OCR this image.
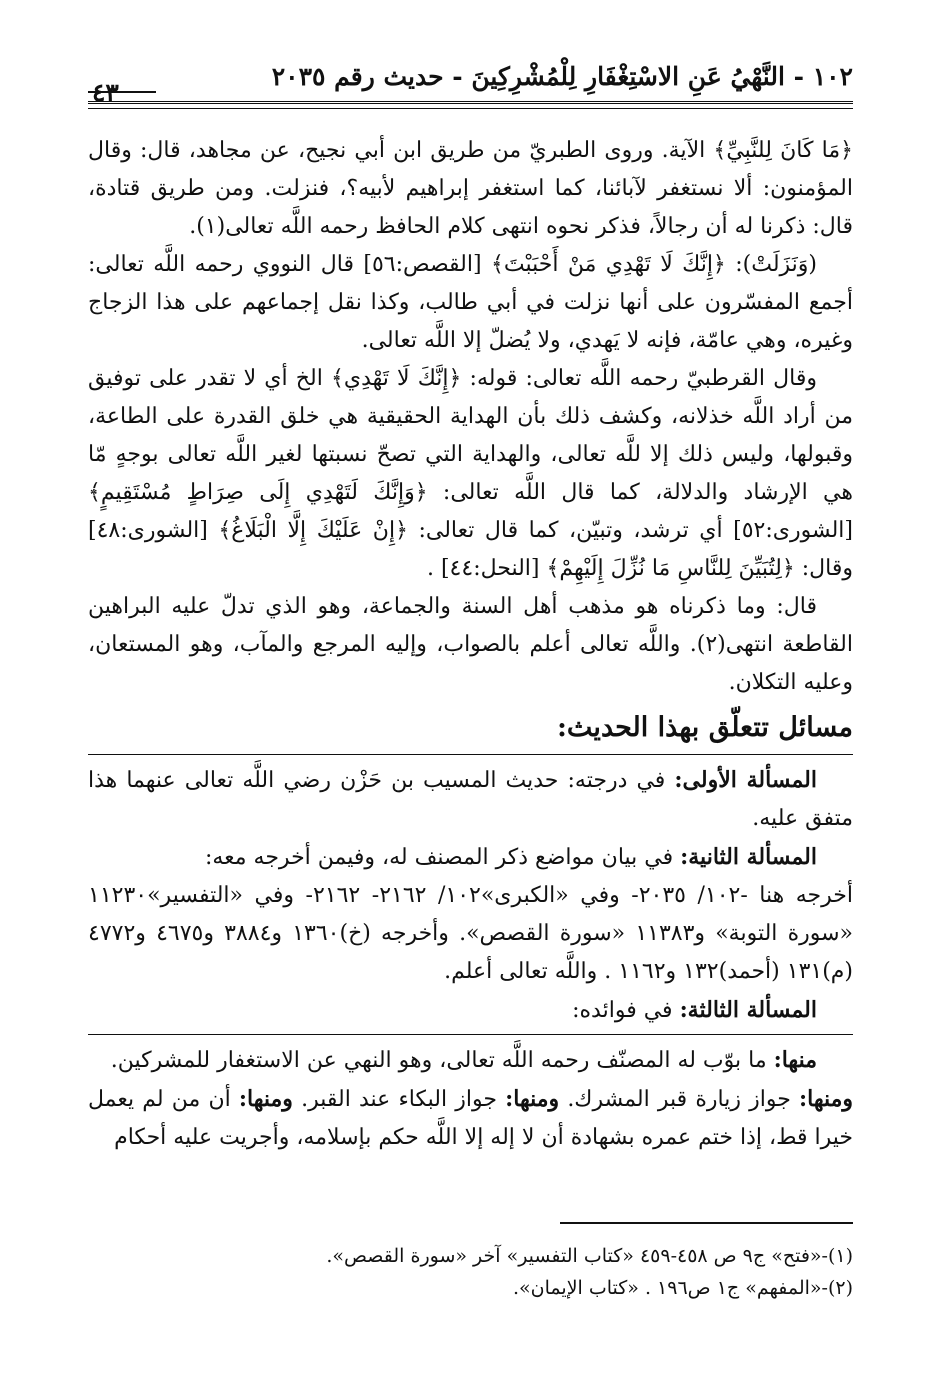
١٠٢ - النَّهْيُ عَنِ الاسْتِغْفَارِ لِلْمُشْرِكِينَ - حديث رقم ٢٠٣٥
٤٣

﴿مَا كَانَ لِلنَّبِيِّ﴾ الآية. وروى الطبريّ من طريق ابن أبي نجيح، عن مجاهد، قال: وقال المؤمنون: ألا نستغفر لآبائنا، كما استغفر إبراهيم لأبيه؟، فنزلت. ومن طريق قتادة، قال: ذكرنا له أن رجالاً، فذكر نحوه انتهى كلام الحافظ رحمه اللَّه تعالى(١).

(وَنَزَلَتْ): ﴿إِنَّكَ لَا تَهْدِي مَنْ أَحْبَبْتَ﴾ [القصص:٥٦] قال النووي رحمه اللَّه تعالى: أجمع المفسّرون على أنها نزلت في أبي طالب، وكذا نقل إجماعهم على هذا الزجاج وغيره، وهي عامّة، فإنه لا يَهدي، ولا يُضلّ إلا اللَّه تعالى.

وقال القرطبيّ رحمه اللَّه تعالى: قوله: ﴿إِنَّكَ لَا تَهْدِي﴾ الخ أي لا تقدر على توفيق من أراد اللَّه خذلانه، وكشف ذلك بأن الهداية الحقيقية هي خلق القدرة على الطاعة، وقبولها، وليس ذلك إلا للَّه تعالى، والهداية التي تصحّ نسبتها لغير اللَّه تعالى بوجهٍ مّا هي الإرشاد والدلالة، كما قال اللَّه تعالى: ﴿وَإِنَّكَ لَتَهْدِي إِلَى صِرَاطٍ مُسْتَقِيمٍ﴾ [الشورى:٥٢] أي ترشد، وتبيّن، كما قال تعالى: ﴿إِنْ عَلَيْكَ إِلَّا الْبَلَاغُ﴾ [الشورى:٤٨] وقال: ﴿لِتُبَيِّنَ لِلنَّاسِ مَا نُزِّلَ إِلَيْهِمْ﴾ [النحل:٤٤] .

قال: وما ذكرناه هو مذهب أهل السنة والجماعة، وهو الذي تدلّ عليه البراهين القاطعة انتهى(٢). واللَّه تعالى أعلم بالصواب، وإليه المرجع والمآب، وهو المستعان، وعليه التكلان.

مسائل تتعلّق بهذا الحديث:

المسألة الأولى: في درجته: حديث المسيب بن حَزْن رضي اللَّه تعالى عنهما هذا متفق عليه.

المسألة الثانية: في بيان مواضع ذكر المصنف له، وفيمن أخرجه معه:

أخرجه هنا -١٠٢/ ٢٠٣٥- وفي «الكبرى»١٠٢/ ٢١٦٢- ٢١٦٢- وفي «التفسير»١١٢٣٠ «سورة التوبة» و١١٣٨٣ «سورة القصص». وأخرجه (خ)١٣٦٠ و٣٨٨٤ و٤٦٧٥ و٤٧٧٢ (م)١٣١ (أحمد)١٣٢ و١١٦٢ . واللَّه تعالى أعلم.

المسألة الثالثة: في فوائده:

منها: ما بوّب له المصنّف رحمه اللَّه تعالى، وهو النهي عن الاستغفار للمشركين.

ومنها: جواز زيارة قبر المشرك. ومنها: جواز البكاء عند القبر. ومنها: أن من لم يعمل خيرا قط، إذا ختم عمره بشهادة أن لا إله إلا اللَّه حكم بإسلامه، وأجريت عليه أحكام

(١)-«فتح» ج٩ ص ٤٥٨-٤٥٩ «كتاب التفسير» آخر «سورة القصص».

(٢)-«المفهم» ج١ ص١٩٦ . «كتاب الإيمان».
